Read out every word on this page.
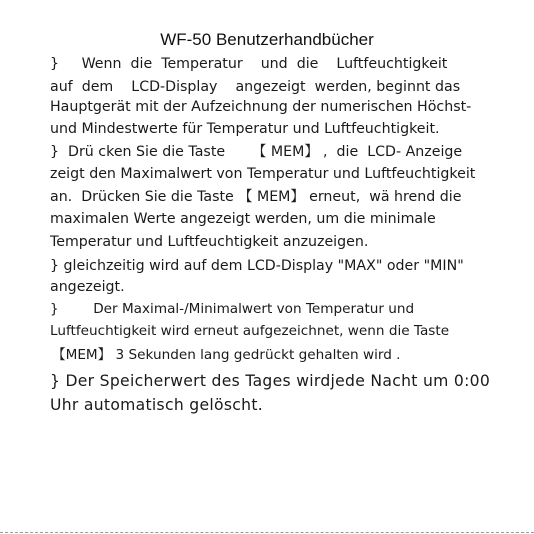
WF-50 Benutzerhandbücher
}     Wenn  die  Temperatur    und  die    Luftfeuchtigkeit
auf  dem    LCD-Display    angezeigt  werden, beginnt das
Hauptgerät mit der Aufzeichnung der numerischen Höchst-
und Mindestwerte für Temperatur und Luftfeuchtigkeit.
}  Drü cken Sie die Taste      【 MEM】 ,  die  LCD- Anzeige
zeigt den Maximalwert von Temperatur und Luftfeuchtigkeit
an.  Drücken Sie die Taste 【 MEM】 erneut,  wä hrend die
maximalen Werte angezeigt werden, um die minimale
Temperatur und Luftfeuchtigkeit anzuzeigen.
} gleichzeitig wird auf dem LCD-Display "MAX" oder "MIN"
angezeigt.
}        Der Maximal-/Minimalwert von Temperatur und
Luftfeuchtigkeit wird erneut aufgezeichnet, wenn die Taste
【MEM】 3 Sekunden lang gedrückt gehalten wird .
} Der Speicherwert des Tages wirdjede Nacht um 0:00
Uhr automatisch gelöscht.
